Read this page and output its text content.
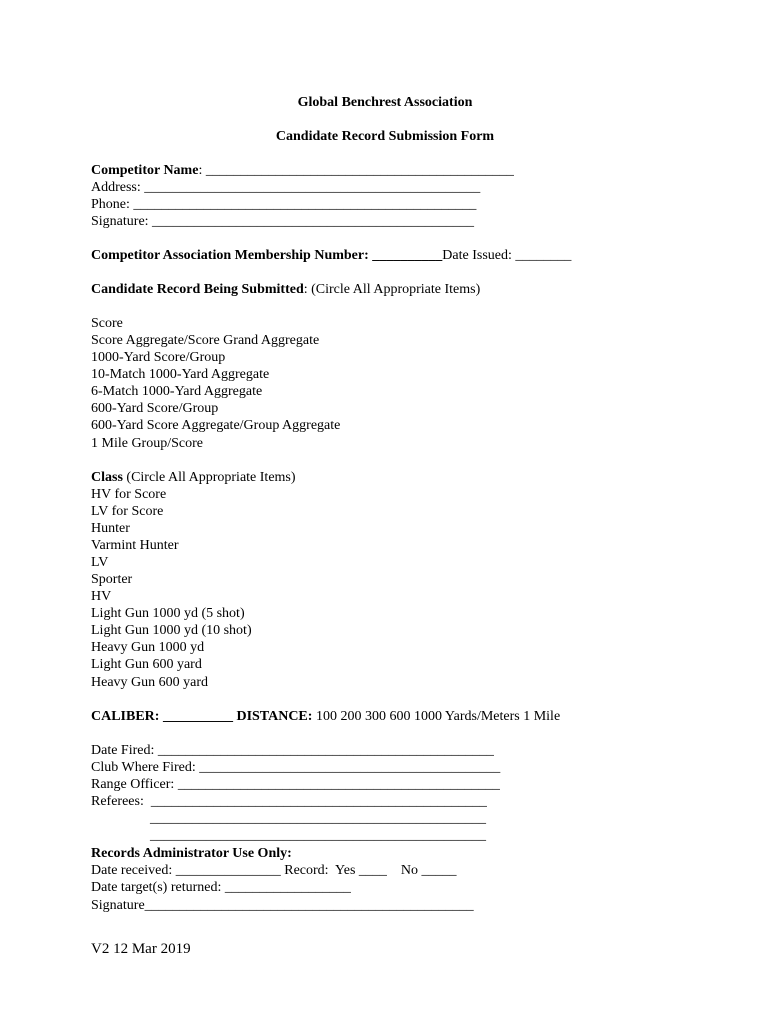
Global Benchrest Association
Candidate Record Submission Form
Competitor Name: ____________________________________________
Address: ________________________________________________
Phone: _________________________________________________
Signature: ______________________________________________
Competitor Association Membership Number: __________Date Issued: ________
Candidate Record Being Submitted: (Circle All Appropriate Items)
Score
Score Aggregate/Score Grand Aggregate
1000-Yard Score/Group
10-Match 1000-Yard Aggregate
6-Match 1000-Yard Aggregate
600-Yard Score/Group
600-Yard Score Aggregate/Group Aggregate
1 Mile Group/Score
Class (Circle All Appropriate Items)
HV for Score
LV for Score
Hunter
Varmint Hunter
LV
Sporter
HV
Light Gun 1000 yd (5 shot)
Light Gun 1000 yd (10 shot)
Heavy Gun 1000 yd
Light Gun 600 yard
Heavy Gun 600 yard
CALIBER: __________ DISTANCE: 100 200 300 600 1000 Yards/Meters 1 Mile
Date Fired: ________________________________________________
Club Where Fired: ___________________________________________
Range Officer: ______________________________________________
Referees:  ________________________________________________
________________________________________________
________________________________________________
Records Administrator Use Only:
Date received: _______________ Record:  Yes ____    No _____
Date target(s) returned: __________________
Signature_______________________________________________
V2 12 Mar 2019
